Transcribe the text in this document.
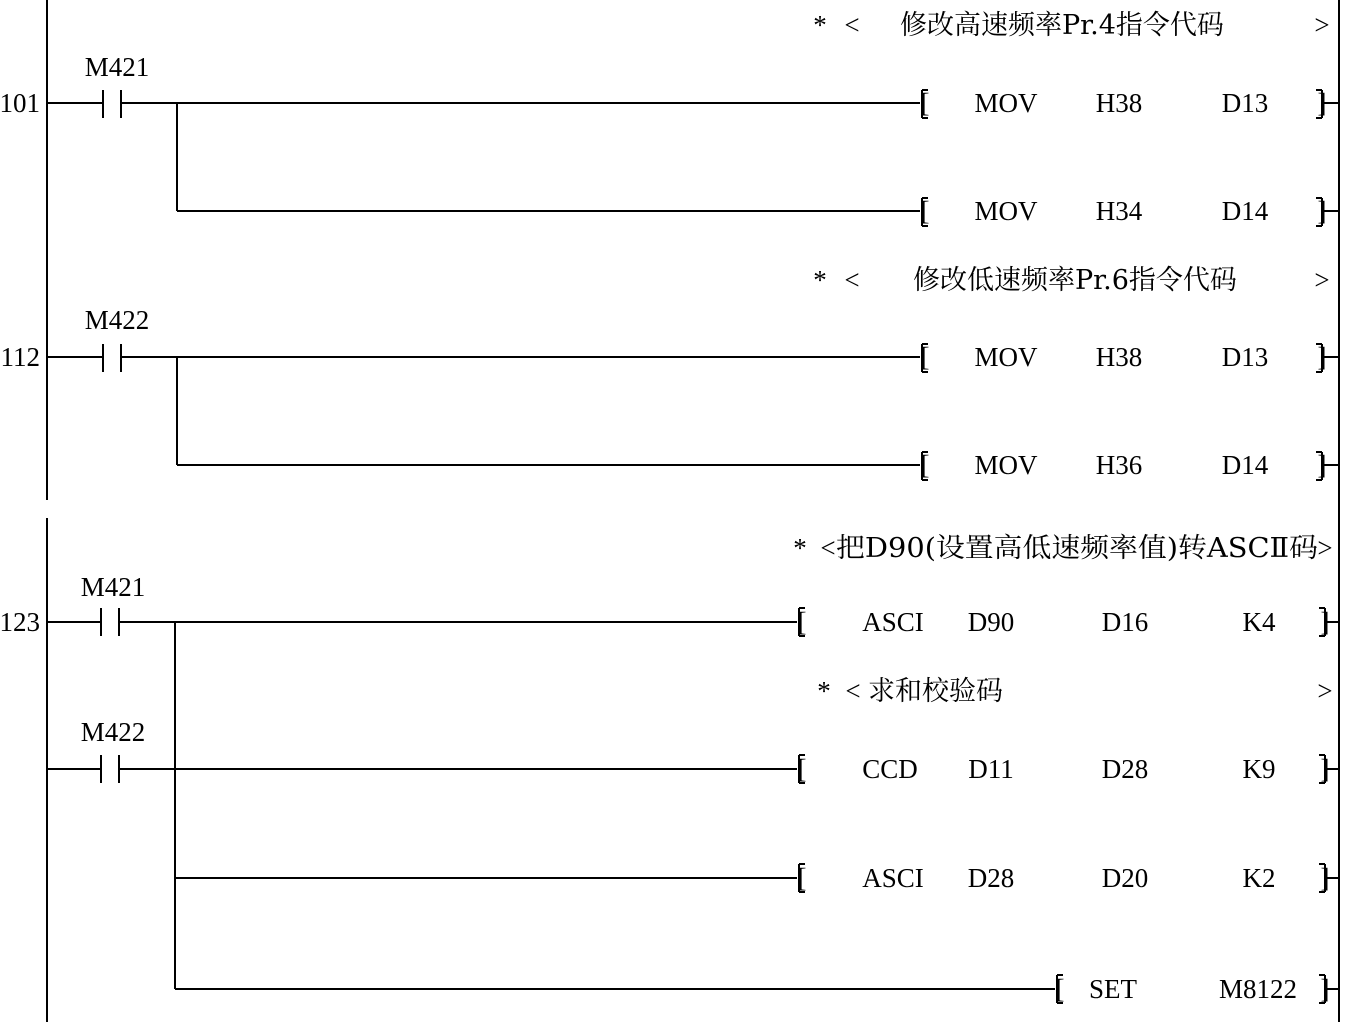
101
* < 修改高速频率Pr.4指令代码	>
M421
[ MOV H38	D13 ]
[ MOV H34	D14 ]
112
* < 修改低速频率Pr.6指令代码	>
M422
[ MOV H38	D13 ]
[ MOV H36	D14 ]
123
* < 把D90(设置高低速频率值)转ASCⅡ码 >
* < 求和校验码	>
M421
M422
[ ASCI D90	D16	K4 ]
[ CCD D11	D28	K9 ]
[ ASCI D28	D20	K2 ]
[ SET	M8122 ]
